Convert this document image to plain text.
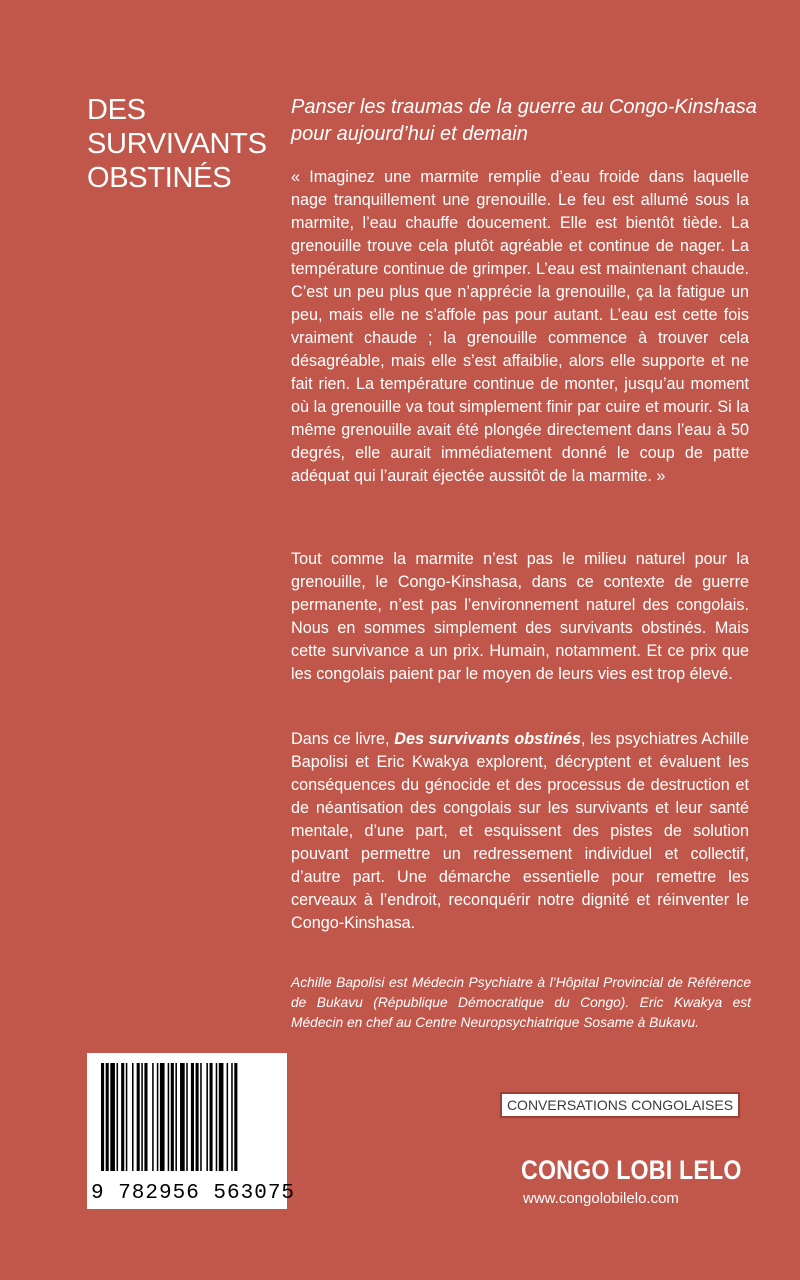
DES
SURVIVANTS
OBSTINÉS

Panser les traumas de la guerre au Congo-Kinshasa pour aujourd’hui et demain

« Imaginez une marmite remplie d’eau froide dans laquelle nage tranquillement une grenouille. Le feu est allumé sous la marmite, l’eau chauffe doucement. Elle est bientôt tiède. La grenouille trouve cela plutôt agréable et continue de nager. La température continue de grimper. L’eau est maintenant chaude. C’est un peu plus que n’apprécie la grenouille, ça la fatigue un peu, mais elle ne s’affole pas pour autant. L’eau est cette fois vraiment chaude ; la grenouille commence à trouver cela désagréable, mais elle s’est affaiblie, alors elle supporte et ne fait rien. La température continue de monter, jusqu’au moment où la grenouille va tout simplement finir par cuire et mourir. Si la même grenouille avait été plongée directement dans l’eau à 50 degrés, elle aurait immédiatement donné le coup de patte adéquat qui l’aurait éjectée aussitôt de la marmite. »

Tout comme la marmite n’est pas le milieu naturel pour la grenouille, le Congo-Kinshasa, dans ce contexte de guerre permanente, n’est pas l’environnement naturel des congolais. Nous en sommes simplement des survivants obstinés. Mais cette survivance a un prix. Humain, notamment. Et ce prix que les congolais paient par le moyen de leurs vies est trop élevé.

Dans ce livre, Des survivants obstinés, les psychiatres Achille Bapolisi et Eric Kwakya explorent, décryptent et évaluent les conséquences du génocide et des processus de destruction et de néantisation des congolais sur les survivants et leur santé mentale, d’une part, et esquissent des pistes de solution pouvant permettre un redressement individuel et collectif, d’autre part. Une démarche essentielle pour remettre les cerveaux à l’endroit, reconquérir notre dignité et réinventer le Congo-Kinshasa.

Achille Bapolisi est Médecin Psychiatre à l’Hôpital Provincial de Référence de Bukavu (République Démocratique du Congo). Eric Kwakya est Médecin en chef au Centre Neuropsychiatrique Sosame à Bukavu.

9 782956 563075
CONVERSATIONS CONGOLAISES
CONGO LOBI LELO
www.congolobilelo.com
